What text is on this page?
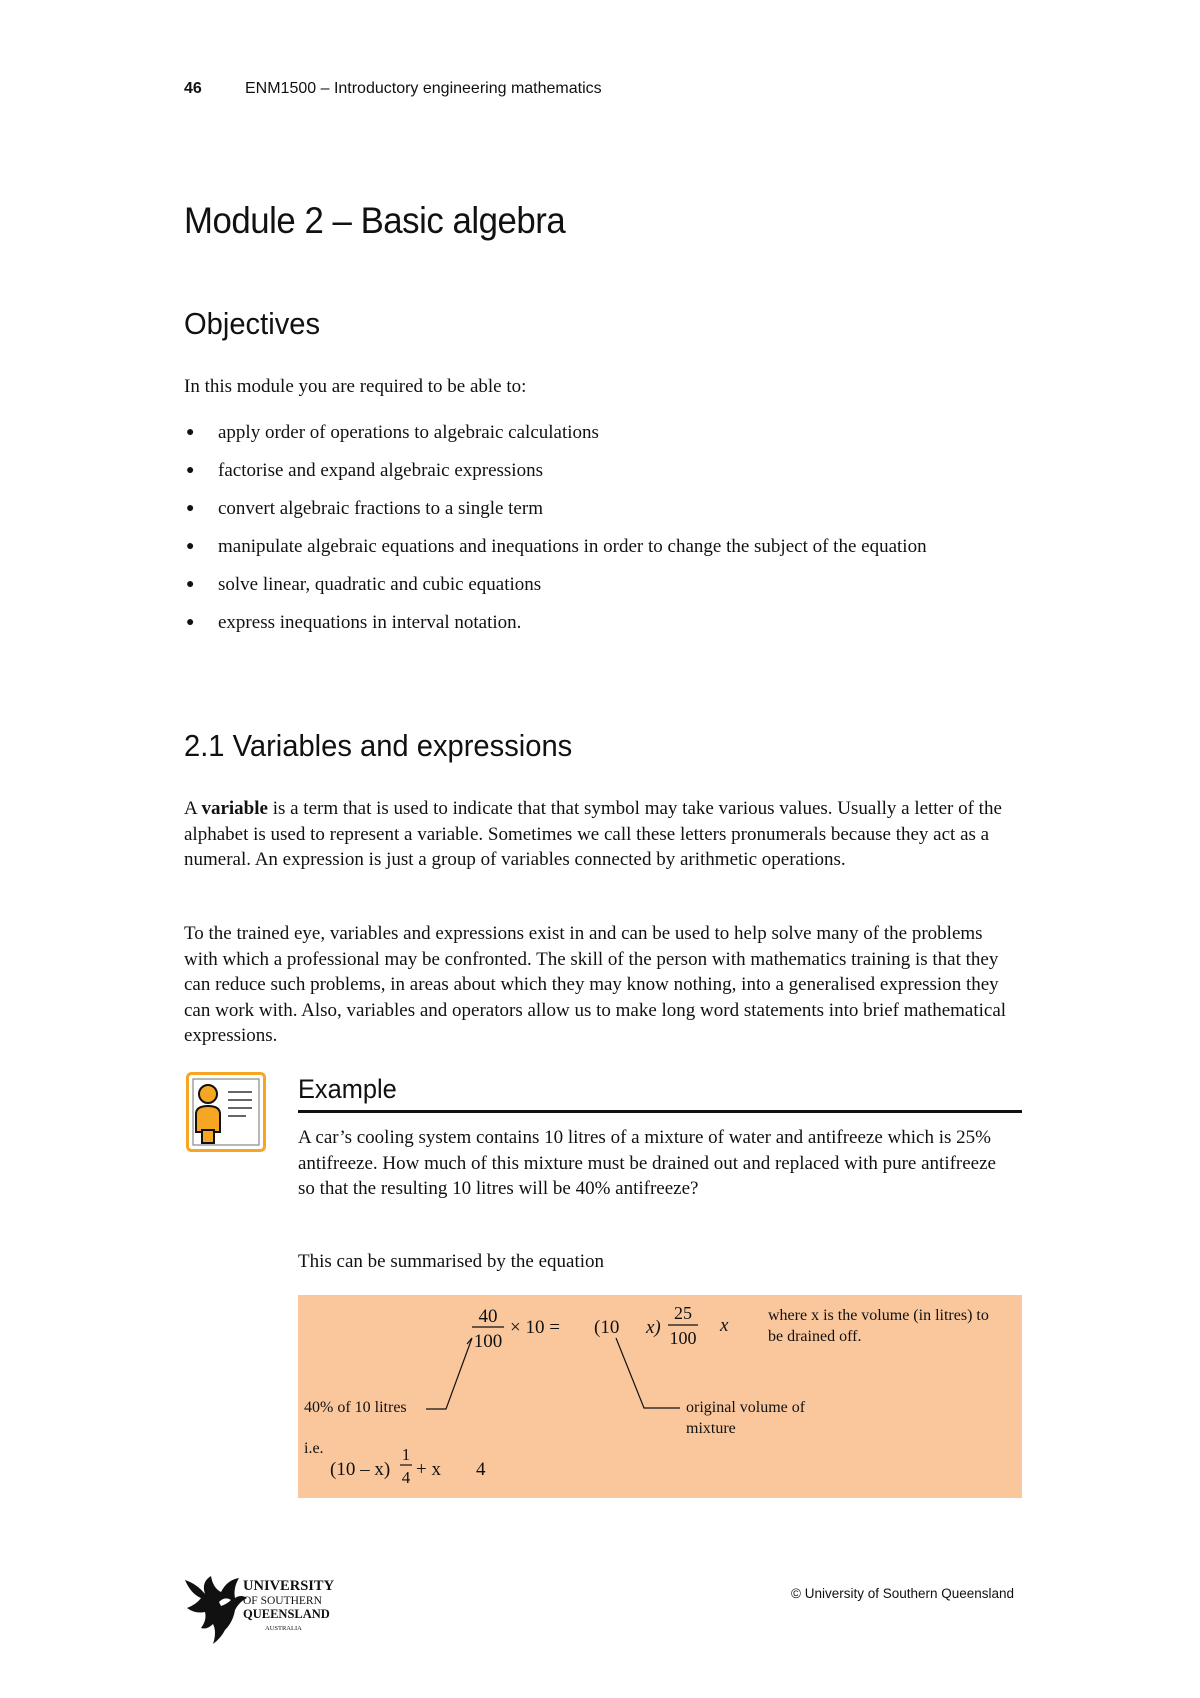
46	ENM1500 – Introductory engineering mathematics
Module 2 – Basic algebra
Objectives
In this module you are required to be able to:
● apply order of operations to algebraic calculations
● factorise and expand algebraic expressions
● convert algebraic fractions to a single term
● manipulate algebraic equations and inequations in order to change the subject of the equation
● solve linear, quadratic and cubic equations
● express inequations in interval notation.
2.1 Variables and expressions

A variable is a term that is used to indicate that that symbol may take various values. Usually a letter of the alphabet is used to represent a variable. Sometimes we call these letters pronumerals because they act as a numeral. An expression is just a group of variables connected by arithmetic operations.

To the trained eye, variables and expressions exist in and can be used to help solve many of the problems with which a professional may be confronted. The skill of the person with mathematics training is that they can reduce such problems, in areas about which they may know nothing, into a generalised expression they can work with. Also, variables and operators allow us to make long word statements into brief mathematical expressions.

Example

A car’s cooling system contains 10 litres of a mixture of water and antifreeze which is 25% antifreeze. How much of this mixture must be drained out and replaced with pure antifreeze so that the resulting 10 litres will be 40% antifreeze?

This can be summarised by the equation
40
100
× 10 = (10 x)
25
100
x where x is the volume (in litres) to
be drained off.
40% of 10 litres	original volume of
mixture
i.e.
(10 – x)
1
4 + x 4
© University of Southern Queensland
UNIVERSITY
OF SOUTHERN
QUEENSLAND
AUSTRALIA
